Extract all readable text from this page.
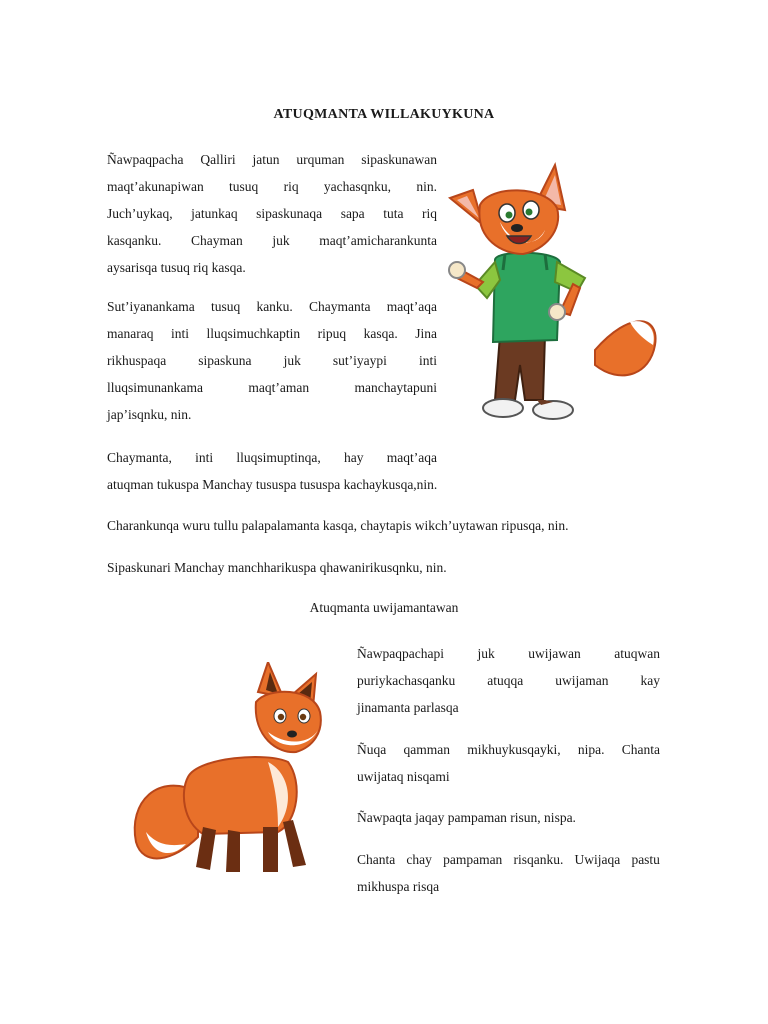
ATUQMANTA WILLAKUYKUNA
Ñawpaqpacha Qalliri jatun urquman sipaskunawan
maqt’akunapiwan tusuq riq yachasqnku, nin.
Juch’uykaq, jatunkaq sipaskunaqa sapa tuta riq
kasqanku. Chayman juk maqt’amicharankunta
aysarisqa tusuq riq kasqa.
Sut’iyanankama tusuq kanku. Chaymanta maqt’aqa
manaraq inti lluqsimuchkaptin ripuq kasqa. Jina
rikhuspaqa sipaskuna juk sut’iyaypi inti
lluqsimunankama	maqt’aman	manchaytapuni
jap’isqnku, nin.
Chaymanta, inti lluqsimuptinqa, hay maqt’aqa
atuqman tukuspa Manchay tususpa tususpa kachaykusqa,nin.
Charankunqa wuru tullu palapalamanta kasqa, chaytapis wikch’uytawan ripusqa, nin.
Sipaskunari Manchay manchharikuspa qhawanirikusqnku, nin.
Atuqmanta uwijamantawan
Ñawpaqpachapi juk uwijawan atuqwan
puriykachasqanku atuqqa uwijaman kay
jinamanta parlasqa
Ñuqa qamman mikhuykusqayki, nipa. Chanta
uwijataq nisqami
Ñawpaqta jaqay pampaman risun, nispa.
Chanta chay pampaman risqanku. Uwijaqa pastu
mikhuspa risqa
